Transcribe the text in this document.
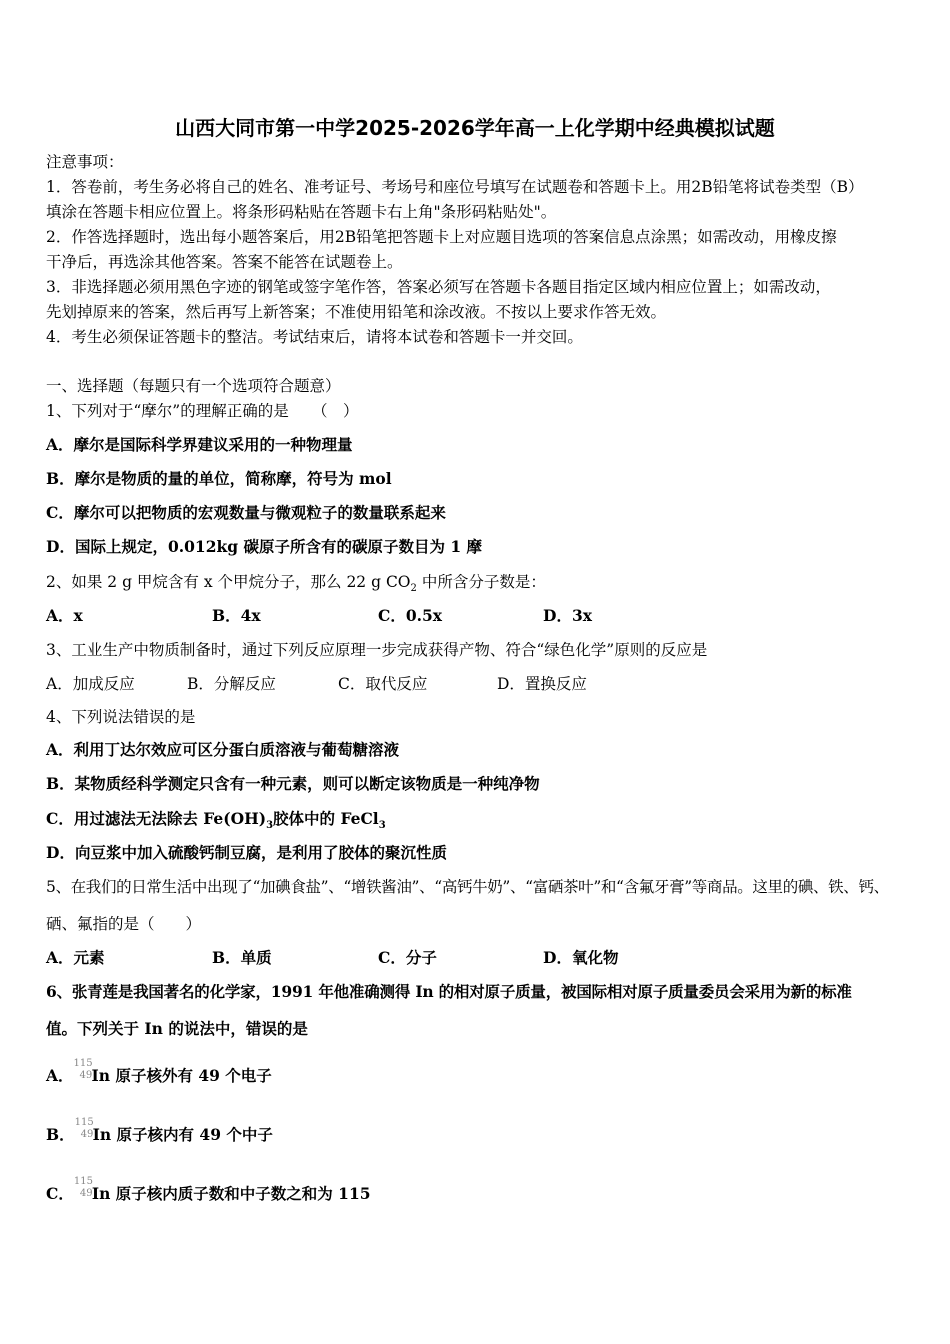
山西大同市第一中学2025-2026学年高一上化学期中经典模拟试题
注意事项：
1．答卷前，考生务必将自己的姓名、准考证号、考场号和座位号填写在试题卷和答题卡上。用2B铅笔将试卷类型（B）
填涂在答题卡相应位置上。将条形码粘贴在答题卡右上角"条形码粘贴处"。
2．作答选择题时，选出每小题答案后，用2B铅笔把答题卡上对应题目选项的答案信息点涂黑；如需改动，用橡皮擦
干净后，再选涂其他答案。答案不能答在试题卷上。
3．非选择题必须用黑色字迹的钢笔或签字笔作答，答案必须写在答题卡各题目指定区域内相应位置上；如需改动，
先划掉原来的答案，然后再写上新答案；不准使用铅笔和涂改液。不按以上要求作答无效。
4．考生必须保证答题卡的整洁。考试结束后，请将本试卷和答题卡一并交回。
一、选择题（每题只有一个选项符合题意）
1、下列对于“摩尔”的理解正确的是　　（　）
A．摩尔是国际科学界建议采用的一种物理量
B．摩尔是物质的量的单位，简称摩，符号为 mol
C．摩尔可以把物质的宏观数量与微观粒子的数量联系起来
D．国际上规定，0.012kg 碳原子所含有的碳原子数目为 1 摩
2、如果 2 g 甲烷含有 x 个甲烷分子，那么 22 g $CO_2$ 中所含分子数是：
A．x	B．4x	C．0.5x	D．3x
3、工业生产中物质制备时，通过下列反应原理一步完成获得产物、符合“绿色化学”原则的反应是
A．加成反应	B．分解反应	C．取代反应	D．置换反应
4、下列说法错误的是
A．利用丁达尔效应可区分蛋白质溶液与葡萄糖溶液
B．某物质经科学测定只含有一种元素，则可以断定该物质是一种纯净物
C．用过滤法无法除去 $Fe(OH)_3$胶体中的 FeCl$_3$
D．向豆浆中加入硫酸钙制豆腐，是利用了胶体的聚沉性质
5、在我们的日常生活中出现了“加碘食盐”、“增铁酱油”、“高钙牛奶”、“富硒茶叶”和“含氟牙膏”等商品。这里的碘、铁、钙、
硒、氟指的是（　　）
A．元素	B．单质	C．分子	D．氧化物
6、张青莲是我国著名的化学家，1991 年他准确测得 In 的相对原子质量，被国际相对原子质量委员会采用为新的标准
值。下列关于 In 的说法中，错误的是
A．
115
49 In 原子核外有 49 个电子
B．
115
49 In 原子核内有 49 个中子
C．
115
49 In 原子核内质子数和中子数之和为 115
